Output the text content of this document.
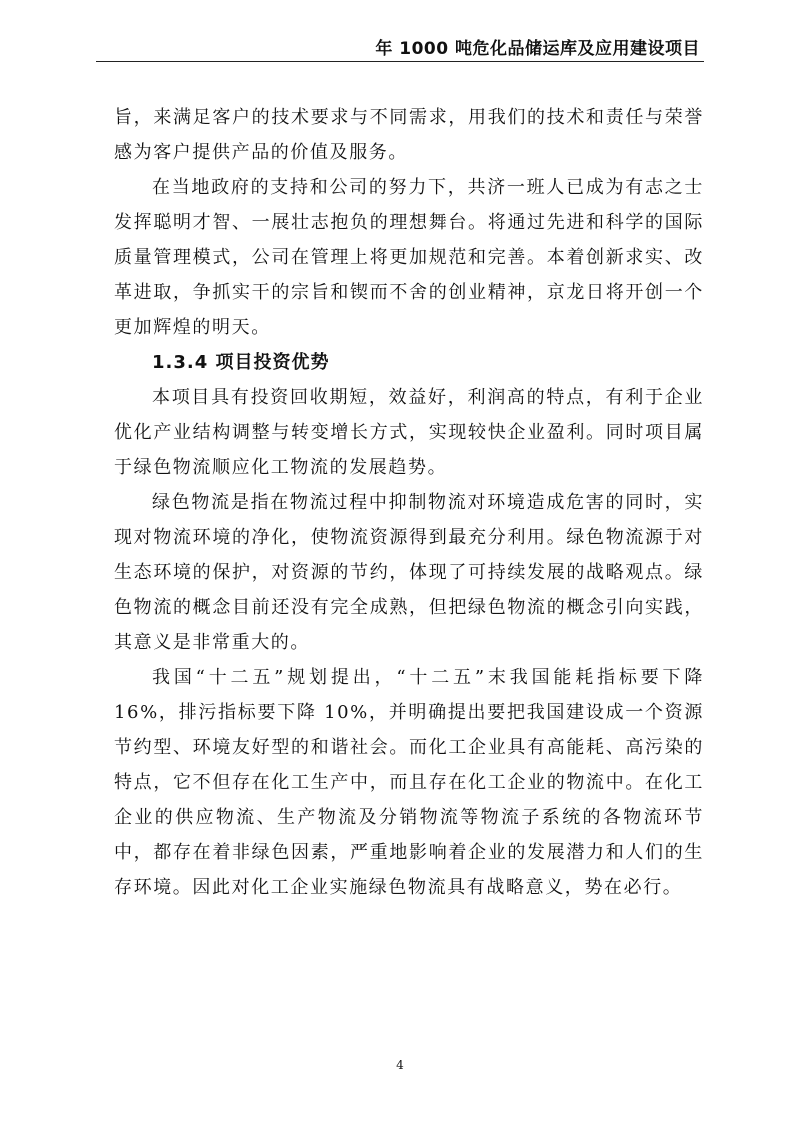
年 1000 吨危化品储运库及应用建设项目

旨，来满足客户的技术要求与不同需求，用我们的技术和责任与荣誉感为客户提供产品的价值及服务。

在当地政府的支持和公司的努力下，共济一班人已成为有志之士发挥聪明才智、一展壮志抱负的理想舞台。将通过先进和科学的国际质量管理模式，公司在管理上将更加规范和完善。本着创新求实、改革进取，争抓实干的宗旨和锲而不舍的创业精神，京龙日将开创一个更加辉煌的明天。

1.3.4 项目投资优势

本项目具有投资回收期短，效益好，利润高的特点，有利于企业优化产业结构调整与转变增长方式，实现较快企业盈利。同时项目属于绿色物流顺应化工物流的发展趋势。

绿色物流是指在物流过程中抑制物流对环境造成危害的同时，实现对物流环境的净化，使物流资源得到最充分利用。绿色物流源于对生态环境的保护，对资源的节约，体现了可持续发展的战略观点。绿色物流的概念目前还没有完全成熟，但把绿色物流的概念引向实践，其意义是非常重大的。

我国“十二五”规划提出，“十二五”末我国能耗指标要下降 16%，排污指标要下降 10%，并明确提出要把我国建设成一个资源节约型、环境友好型的和谐社会。而化工企业具有高能耗、高污染的特点，它不但存在化工生产中，而且存在化工企业的物流中。在化工企业的供应物流、生产物流及分销物流等物流子系统的各物流环节中，都存在着非绿色因素，严重地影响着企业的发展潜力和人们的生存环境。因此对化工企业实施绿色物流具有战略意义，势在必行。

4
